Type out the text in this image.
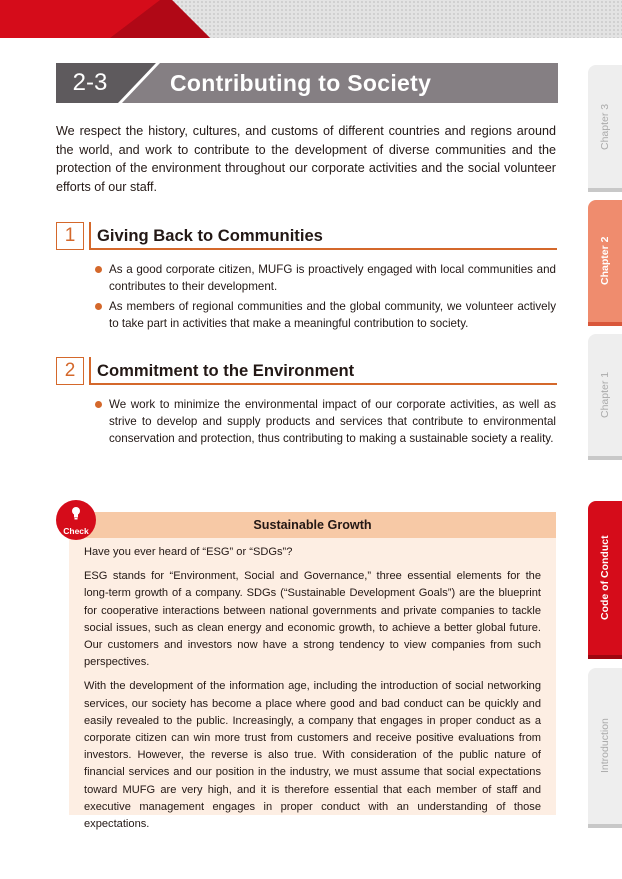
2-3	Contributing to Society
We respect the history, cultures, and customs of different countries and regions around the world, and work to contribute to the development of diverse communities and the protection of the environment throughout our corporate activities and the social volunteer efforts of our staff.
1	Giving Back to Communities
As a good corporate citizen, MUFG is proactively engaged with local communities and contributes to their development.
As members of regional communities and the global community, we volunteer actively to take part in activities that make a meaningful contribution to society.
2	Commitment to the Environment
We work to minimize the environmental impact of our corporate activities, as well as strive to develop and supply products and services that contribute to environmental conservation and protection, thus contributing to making a sustainable society a reality.
Sustainable Growth
Check

Have you ever heard of “ESG” or “SDGs”?

ESG stands for “Environment, Social and Governance,” three essential elements for the long-term growth of a company. SDGs (“Sustainable Development Goals”) are the blueprint for cooperative interactions between national governments and private companies to tackle social issues, such as clean energy and economic growth, to achieve a better global future. Our customers and investors now have a strong tendency to view companies from such perspectives.

With the development of the information age, including the introduction of social networking services, our society has become a place where good and bad conduct can be quickly and easily revealed to the public. Increasingly, a company that engages in proper conduct as a corporate citizen can win more trust from customers and receive positive evaluations from investors. However, the reverse is also true. With consideration of the public nature of financial services and our position in the industry, we must assume that social expectations toward MUFG are very high, and it is therefore essential that each member of staff and executive management engages in proper conduct with an understanding of those expectations.

Chapter 3
Chapter 2
Chapter 1
Code of Conduct
Introduction
